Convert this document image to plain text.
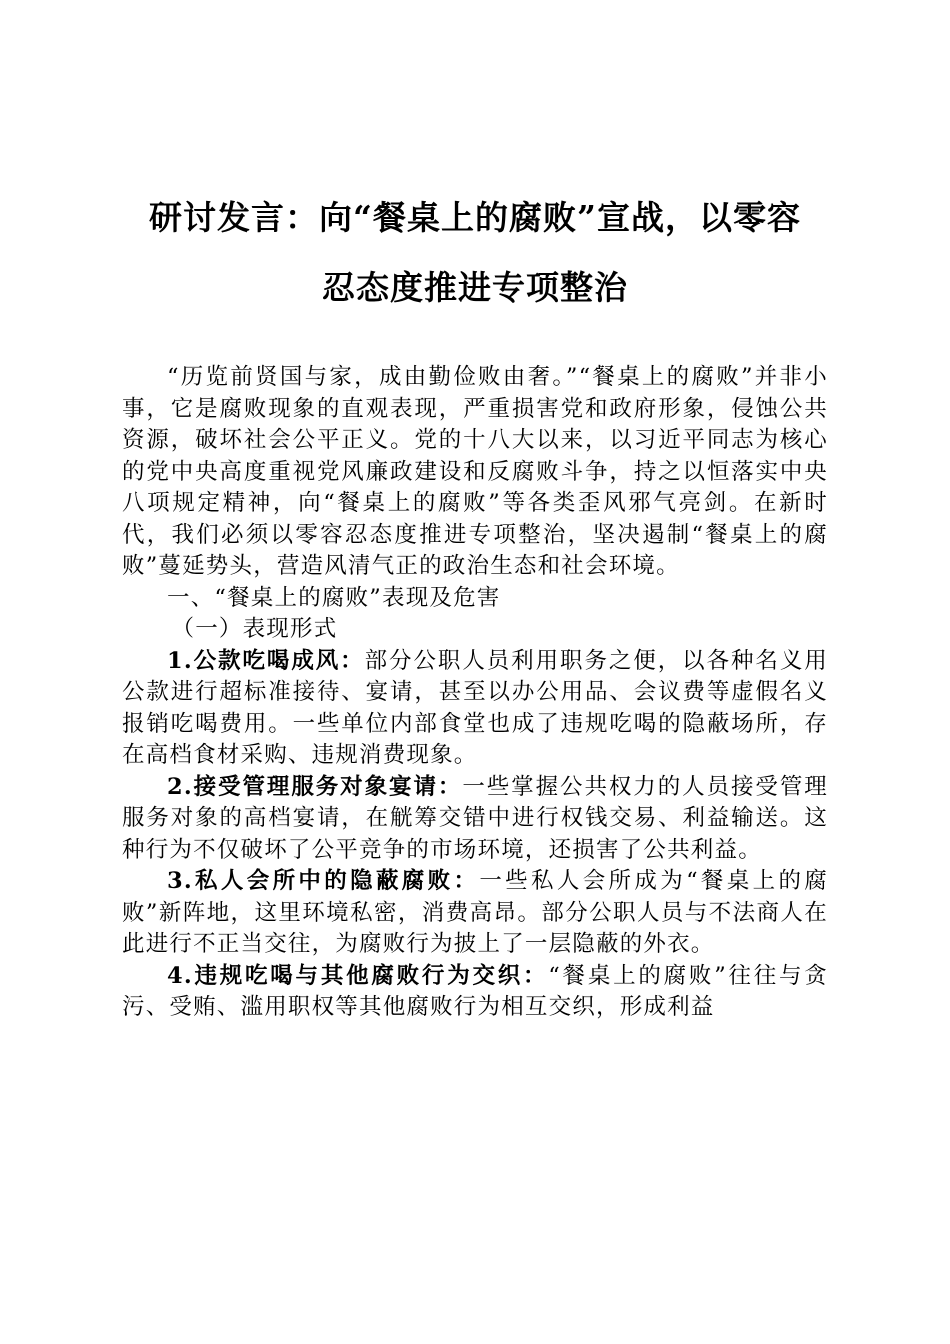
研讨发言：向“餐桌上的腐败”宣战，以零容
忍态度推进专项整治

“历览前贤国与家，成由勤俭败由奢。”“餐桌上的腐败”并非小事，它是腐败现象的直观表现，严重损害党和政府形象，侵蚀公共资源，破坏社会公平正义。党的十八大以来，以习近平同志为核心的党中央高度重视党风廉政建设和反腐败斗争，持之以恒落实中央八项规定精神，向“餐桌上的腐败”等各类歪风邪气亮剑。在新时代，我们必须以零容忍态度推进专项整治，坚决遏制“餐桌上的腐败”蔓延势头，营造风清气正的政治生态和社会环境。

一、“餐桌上的腐败”表现及危害

（一）表现形式

1.公款吃喝成风：部分公职人员利用职务之便，以各种名义用公款进行超标准接待、宴请，甚至以办公用品、会议费等虚假名义报销吃喝费用。一些单位内部食堂也成了违规吃喝的隐蔽场所，存在高档食材采购、违规消费现象。

2.接受管理服务对象宴请：一些掌握公共权力的人员接受管理服务对象的高档宴请，在觥筹交错中进行权钱交易、利益输送。这种行为不仅破坏了公平竞争的市场环境，还损害了公共利益。

3.私人会所中的隐蔽腐败：一些私人会所成为“餐桌上的腐败”新阵地，这里环境私密，消费高昂。部分公职人员与不法商人在此进行不正当交往，为腐败行为披上了一层隐蔽的外衣。

4.违规吃喝与其他腐败行为交织：“餐桌上的腐败”往往与贪污、受贿、滥用职权等其他腐败行为相互交织，形成利益
